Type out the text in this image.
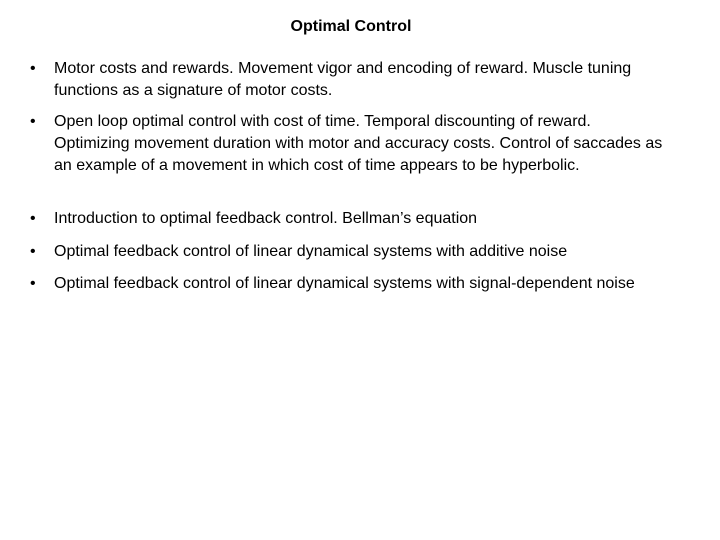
Optimal Control
•	Motor costs and rewards. Movement vigor and encoding of reward. Muscle tuning functions as a signature of motor costs.
•	Open loop optimal control with cost of time. Temporal discounting of reward. Optimizing movement duration with motor and accuracy costs. Control of saccades as an example of a movement in which cost of time appears to be hyperbolic.
•	Introduction to optimal feedback control. Bellman’s equation
•	Optimal feedback control of linear dynamical systems with additive noise
•	Optimal feedback control of linear dynamical systems with signal-dependent noise
